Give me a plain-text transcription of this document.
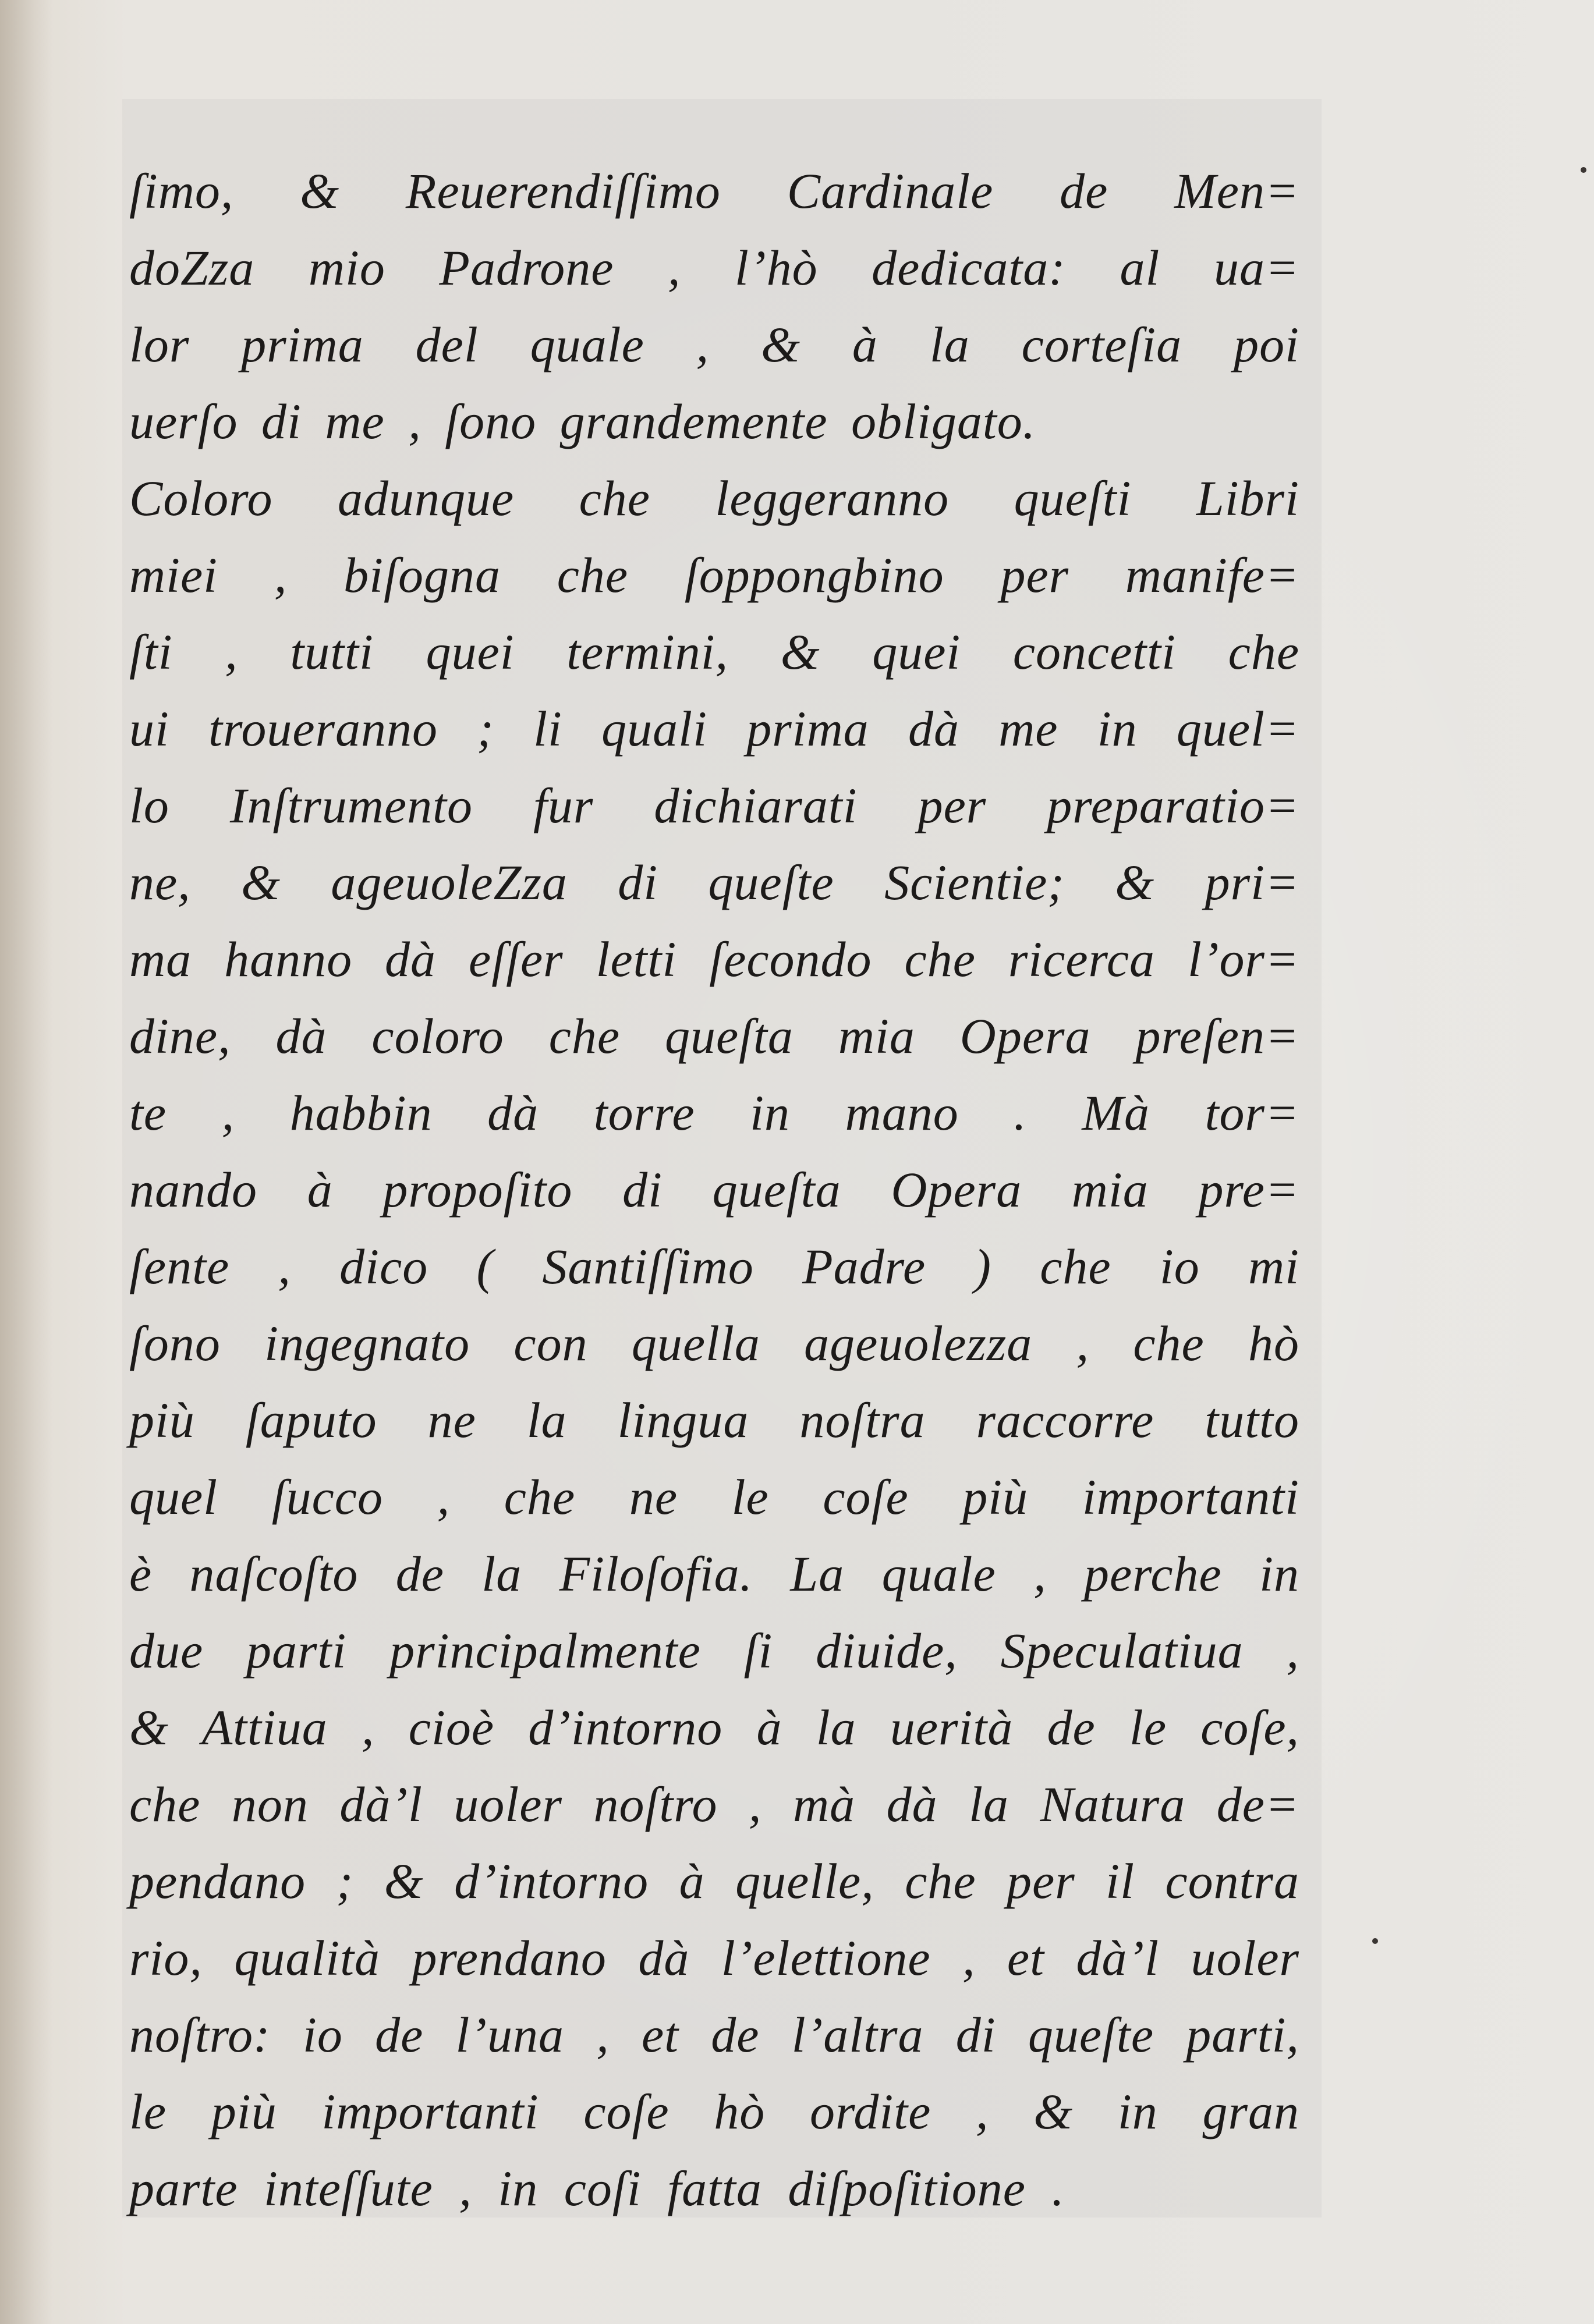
ſimo, & Reuerendiſſimo Cardinale de Men=
doZza mio Padrone , l’hò dedicata: al ua=
lor prima del quale , & à la corteſia poi
uerſo di me , ſono grandemente obligato.
Coloro adunque che leggeranno queſti Libri
miei , biſogna che ſoppongbino per manife=
ſti , tutti quei termini, & quei concetti che
ui troueranno ; li quali prima dà me in quel=
lo Inſtrumento fur dichiarati per preparatio=
ne, & ageuoleZza di queſte Scientie; & pri=
ma hanno dà eſſer letti ſecondo che ricerca l’or=
dine, dà coloro che queſta mia Opera preſen=
te , habbin dà torre in mano . Mà tor=
nando à propoſito di queſta Opera mia pre=
ſente , dico ( Santiſſimo Padre ) che io mi
ſono ingegnato con quella ageuolezza , che hò
più ſaputo ne la lingua noſtra raccorre tutto
quel ſucco , che ne le coſe più importanti
è naſcoſto de la Filoſofia. La quale , perche in
due parti principalmente ſi diuide, Speculatiua ,
& Attiua , cioè d’intorno à la uerità de le coſe,
che non dà’l uoler noſtro , mà dà la Natura de=
pendano ; & d’intorno à quelle, che per il contra
rio, qualità prendano dà l’elettione , et dà’l uoler
noſtro: io de l’una , et de l’altra di queſte parti,
le più importanti coſe hò ordite , & in gran
parte inteſſute , in coſi fatta diſpoſitione .
